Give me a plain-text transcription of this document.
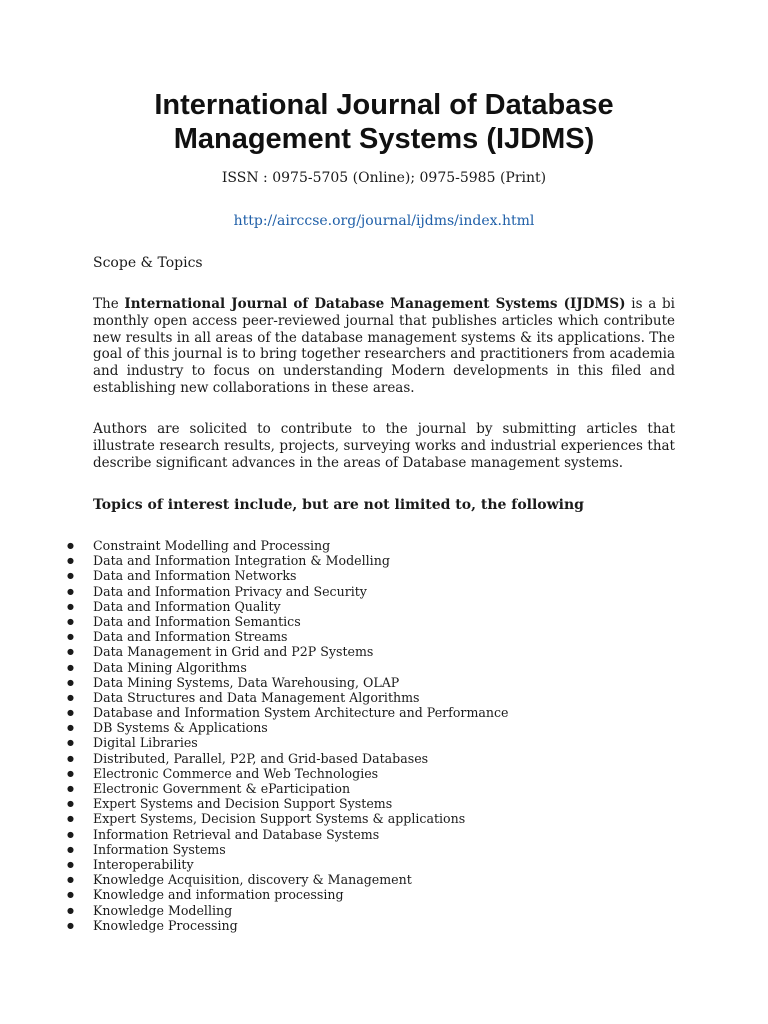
International Journal of Database
Management Systems (IJDMS)
ISSN : 0975-5705 (Online); 0975-5985 (Print)
http://airccse.org/journal/ijdms/index.html
Scope & Topics
The International Journal of Database Management Systems (IJDMS) is a bi monthly open access peer-reviewed journal that publishes articles which contribute new results in all areas of the database management systems & its applications. The goal of this journal is to bring together researchers and practitioners from academia and industry to focus on understanding Modern developments in this filed and establishing new collaborations in these areas.
Authors are solicited to contribute to the journal by submitting articles that illustrate research results, projects, surveying works and industrial experiences that describe significant advances in the areas of Database management systems.
Topics of interest include, but are not limited to, the following
● Constraint Modelling and Processing
● Data and Information Integration & Modelling
● Data and Information Networks
● Data and Information Privacy and Security
● Data and Information Quality
● Data and Information Semantics
● Data and Information Streams
● Data Management in Grid and P2P Systems
● Data Mining Algorithms
● Data Mining Systems, Data Warehousing, OLAP
● Data Structures and Data Management Algorithms
● Database and Information System Architecture and Performance
● DB Systems & Applications
● Digital Libraries
● Distributed, Parallel, P2P, and Grid-based Databases
● Electronic Commerce and Web Technologies
● Electronic Government & eParticipation
● Expert Systems and Decision Support Systems
● Expert Systems, Decision Support Systems & applications
● Information Retrieval and Database Systems
● Information Systems
● Interoperability
● Knowledge Acquisition, discovery & Management
● Knowledge and information processing
● Knowledge Modelling
● Knowledge Processing
